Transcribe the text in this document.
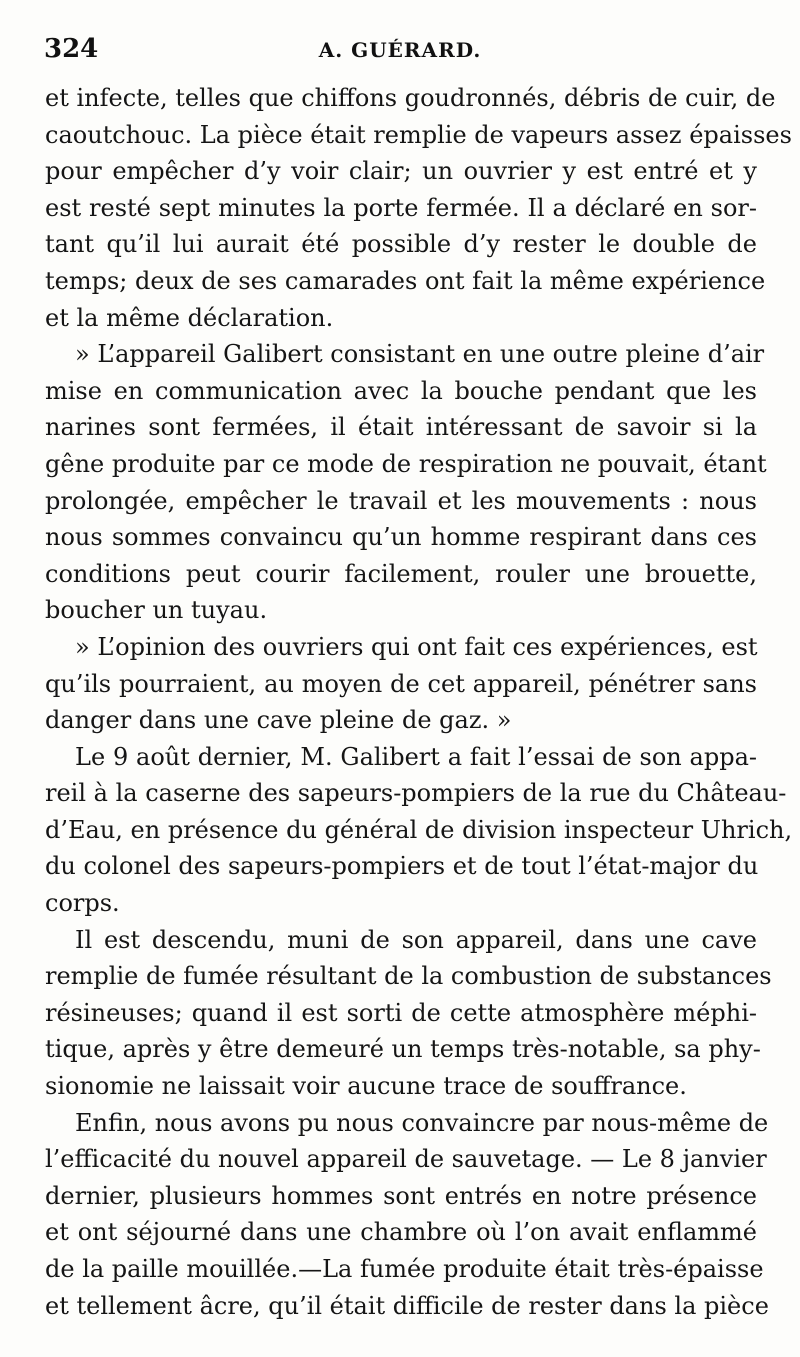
324	A. GUÉRARD.

et infecte, telles que chiffons goudronnés, débris de cuir, de
caoutchouc. La pièce était remplie de vapeurs assez épaisses
pour empêcher d’y voir clair; un ouvrier y est entré et y
est resté sept minutes la porte fermée. Il a déclaré en sor-
tant qu’il lui aurait été possible d’y rester le double de
temps; deux de ses camarades ont fait la même expérience
et la même déclaration.

» L’appareil Galibert consistant en une outre pleine d’air
mise en communication avec la bouche pendant que les
narines sont fermées, il était intéressant de savoir si la
gêne produite par ce mode de respiration ne pouvait, étant
prolongée, empêcher le travail et les mouvements : nous
nous sommes convaincu qu’un homme respirant dans ces
conditions peut courir facilement, rouler une brouette,
boucher un tuyau.

» L’opinion des ouvriers qui ont fait ces expériences, est
qu’ils pourraient, au moyen de cet appareil, pénétrer sans
danger dans une cave pleine de gaz. »

Le 9 août dernier, M. Galibert a fait l’essai de son appa-
reil à la caserne des sapeurs-pompiers de la rue du Château-
d’Eau, en présence du général de division inspecteur Uhrich,
du colonel des sapeurs-pompiers et de tout l’état-major du
corps.

Il est descendu, muni de son appareil, dans une cave
remplie de fumée résultant de la combustion de substances
résineuses; quand il est sorti de cette atmosphère méphi-
tique, après y être demeuré un temps très-notable, sa phy-
sionomie ne laissait voir aucune trace de souffrance.

Enfin, nous avons pu nous convaincre par nous-même de
l’efficacité du nouvel appareil de sauvetage. — Le 8 janvier
dernier, plusieurs hommes sont entrés en notre présence
et ont séjourné dans une chambre où l’on avait enflammé
de la paille mouillée.—La fumée produite était très-épaisse
et tellement âcre, qu’il était difficile de rester dans la pièce
